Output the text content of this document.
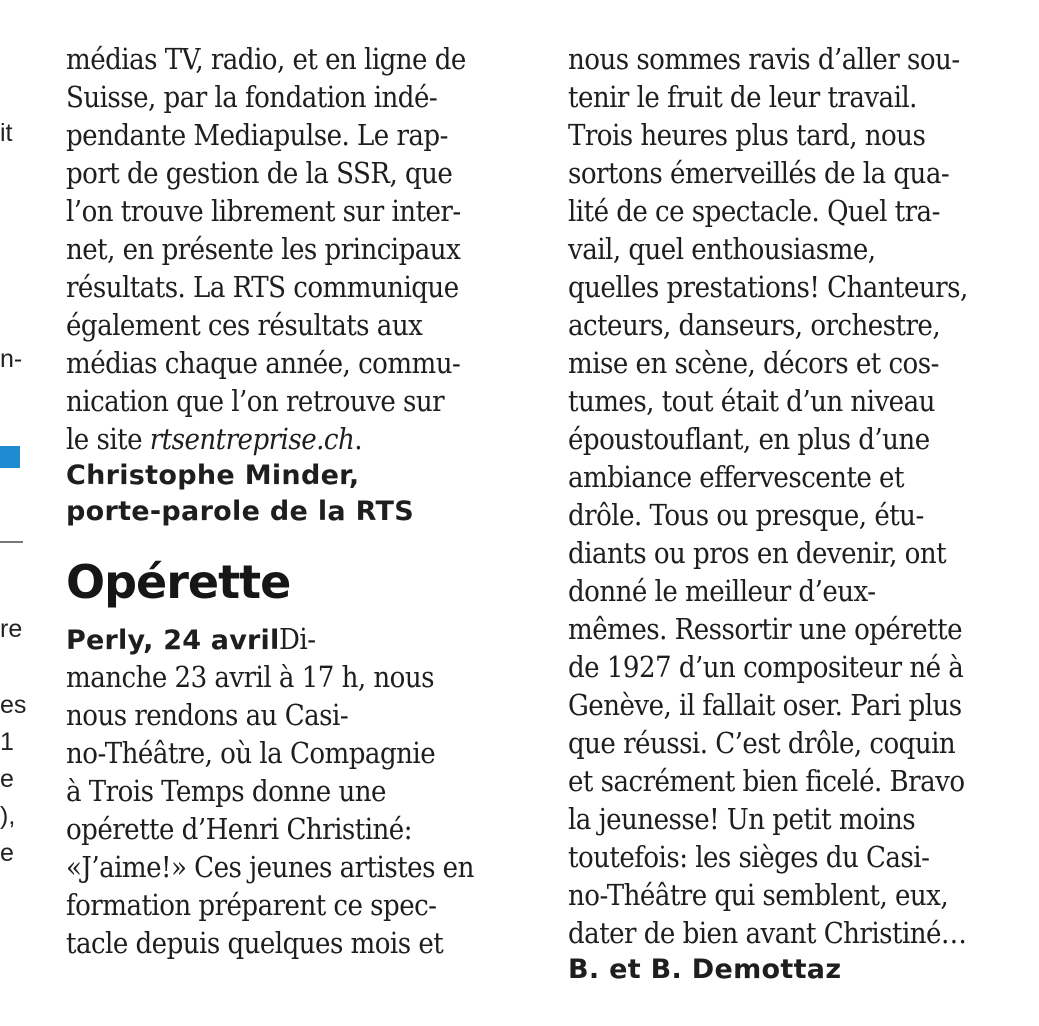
it
n-
re
es
1
e
),
e
médias TV, radio, et en ligne de
Suisse, par la fondation indé-
pendante Mediapulse. Le rap-
port de gestion de la SSR, que
l’on trouve librement sur inter-
net, en présente les principaux
résultats. La RTS communique
également ces résultats aux
médias chaque année, commu-
nication que l’on retrouve sur
le site rtsentreprise.ch.
Christophe Minder,
porte-parole de la RTS
Opérette
Perly, 24 avrilDi-
manche 23 avril à 17 h, nous
nous rendons au Casi-
no-Théâtre, où la Compagnie
à Trois Temps donne une
opérette d’Henri Christiné:
«J’aime!» Ces jeunes artistes en
formation préparent ce spec-
tacle depuis quelques mois et
nous sommes ravis d’aller sou-
tenir le fruit de leur travail.
Trois heures plus tard, nous
sortons émerveillés de la qua-
lité de ce spectacle. Quel tra-
vail, quel enthousiasme,
quelles prestations! Chanteurs,
acteurs, danseurs, orchestre,
mise en scène, décors et cos-
tumes, tout était d’un niveau
époustouflant, en plus d’une
ambiance effervescente et
drôle. Tous ou presque, étu-
diants ou pros en devenir, ont
donné le meilleur d’eux-
mêmes. Ressortir une opérette
de 1927 d’un compositeur né à
Genève, il fallait oser. Pari plus
que réussi. C’est drôle, coquin
et sacrément bien ficelé. Bravo
la jeunesse! Un petit moins
toutefois: les sièges du Casi-
no-Théâtre qui semblent, eux,
dater de bien avant Christiné…
B. et B. Demottaz
